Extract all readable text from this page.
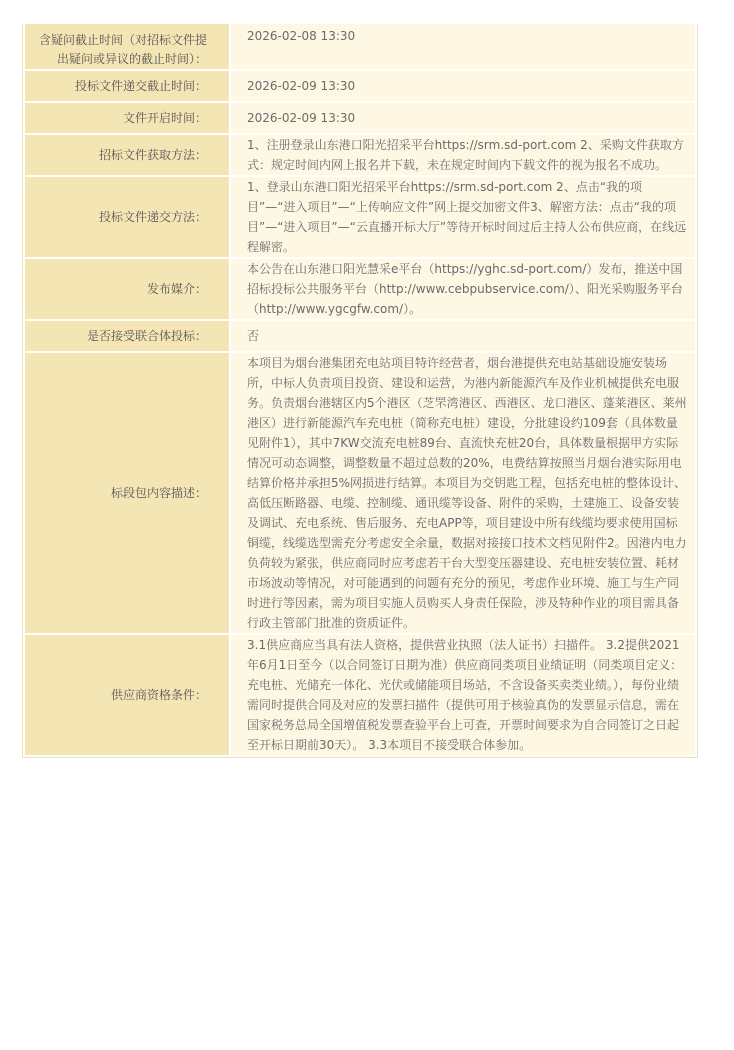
含疑问截止时间（对招标文件提出疑问或异议的截止时间）：	2026-02-08 13:30
投标文件递交截止时间：	2026-02-09 13:30
文件开启时间：	2026-02-09 13:30
招标文件获取方法：	1、注册登录山东港口阳光招采平台https://srm.sd-port.com 2、采购文件获取方式：规定时间内网上报名并下载，未在规定时间内下载文件的视为报名不成功。
投标文件递交方法：	1、登录山东港口阳光招采平台https://srm.sd-port.com 2、点击“我的项目”—“进入项目”—“上传响应文件”网上提交加密文件3、解密方法：点击“我的项目”—“进入项目”—“云直播开标大厅”等待开标时间过后主持人公布供应商，在线远程解密。
发布媒介：	本公告在山东港口阳光慧采e平台（https://yghc.sd-port.com/）发布，推送中国招标投标公共服务平台（http://www.cebpubservice.com/）、阳光采购服务平台（http://www.ygcgfw.com/）。
是否接受联合体投标：	否
标段包内容描述：	本项目为烟台港集团充电站项目特许经营者，烟台港提供充电站基础设施安装场所，中标人负责项目投资、建设和运营，为港内新能源汽车及作业机械提供充电服务。负责烟台港辖区内5个港区（芝罘湾港区、西港区、龙口港区、蓬莱港区、莱州港区）进行新能源汽车充电桩（简称充电桩）建设，分批建设约109套（具体数量见附件1），其中7KW交流充电桩89台、直流快充桩20台，具体数量根据甲方实际情况可动态调整，调整数量不超过总数的20%，电费结算按照当月烟台港实际用电结算价格并承担5%网损进行结算。本项目为交钥匙工程，包括充电桩的整体设计、高低压断路器、电缆、控制缆、通讯缆等设备、附件的采购，土建施工、设备安装及调试、充电系统、售后服务、充电APP等，项目建设中所有线缆均要求使用国标铜缆，线缆选型需充分考虑安全余量，数据对接接口技术文档见附件2。因港内电力负荷较为紧张，供应商同时应考虑若干台大型变压器建设、充电桩安装位置、耗材市场波动等情况，对可能遇到的问题有充分的预见，考虑作业环境、施工与生产同时进行等因素，需为项目实施人员购买人身责任保险，涉及特种作业的项目需具备行政主管部门批准的资质证件。
供应商资格条件：	3.1供应商应当具有法人资格，提供营业执照（法人证书）扫描件。 3.2提供2021年6月1日至今（以合同签订日期为准）供应商同类项目业绩证明（同类项目定义：充电桩、光储充一体化、光伏或储能项目场站，不含设备买卖类业绩。），每份业绩需同时提供合同及对应的发票扫描件（提供可用于核验真伪的发票显示信息，需在国家税务总局全国增值税发票查验平台上可查，开票时间要求为自合同签订之日起至开标日期前30天）。 3.3本项目不接受联合体参加。
